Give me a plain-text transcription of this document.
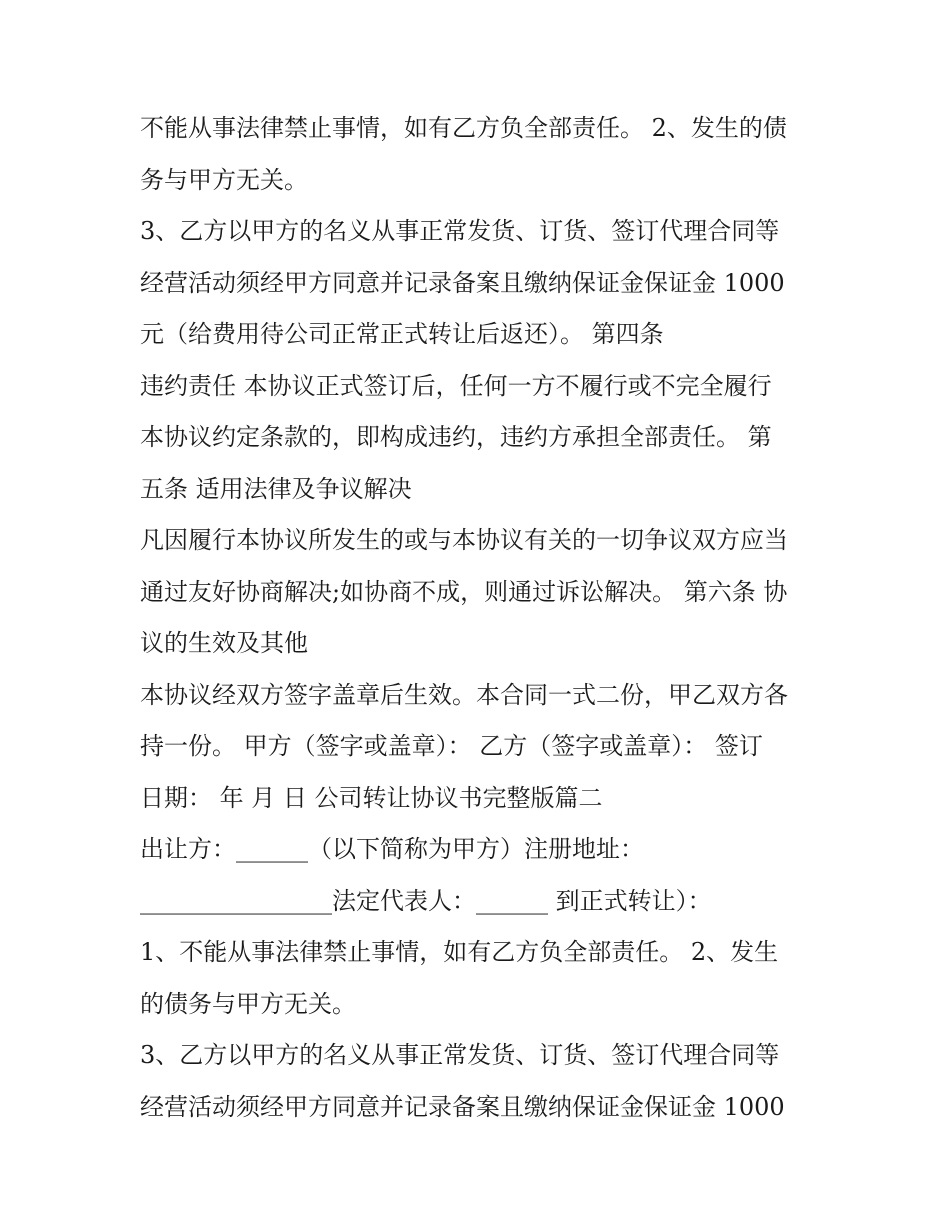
不能从事法律禁止事情，如有乙方负全部责任。 2、发生的债
务与甲方无关。
3、乙方以甲方的名义从事正常发货、订货、签订代理合同等
经营活动须经甲方同意并记录备案且缴纳保证金保证金 1000
元（给费用待公司正常正式转让后返还）。 第四条
违约责任 本协议正式签订后，任何一方不履行或不完全履行
本协议约定条款的，即构成违约，违约方承担全部责任。 第
五条 适用法律及争议解决
凡因履行本协议所发生的或与本协议有关的一切争议双方应当
通过友好协商解决;如协商不成，则通过诉讼解决。 第六条 协
议的生效及其他
本协议经双方签字盖章后生效。本合同一式二份，甲乙双方各
持一份。 甲方（签字或盖章）： 乙方（签字或盖章）： 签订
日期： 年 月 日 公司转让协议书完整版篇二
出让方：______（以下简称为甲方）注册地址：
________________法定代表人：______ 到正式转让）：
1、不能从事法律禁止事情，如有乙方负全部责任。 2、发生
的债务与甲方无关。
3、乙方以甲方的名义从事正常发货、订货、签订代理合同等
经营活动须经甲方同意并记录备案且缴纳保证金保证金 1000
